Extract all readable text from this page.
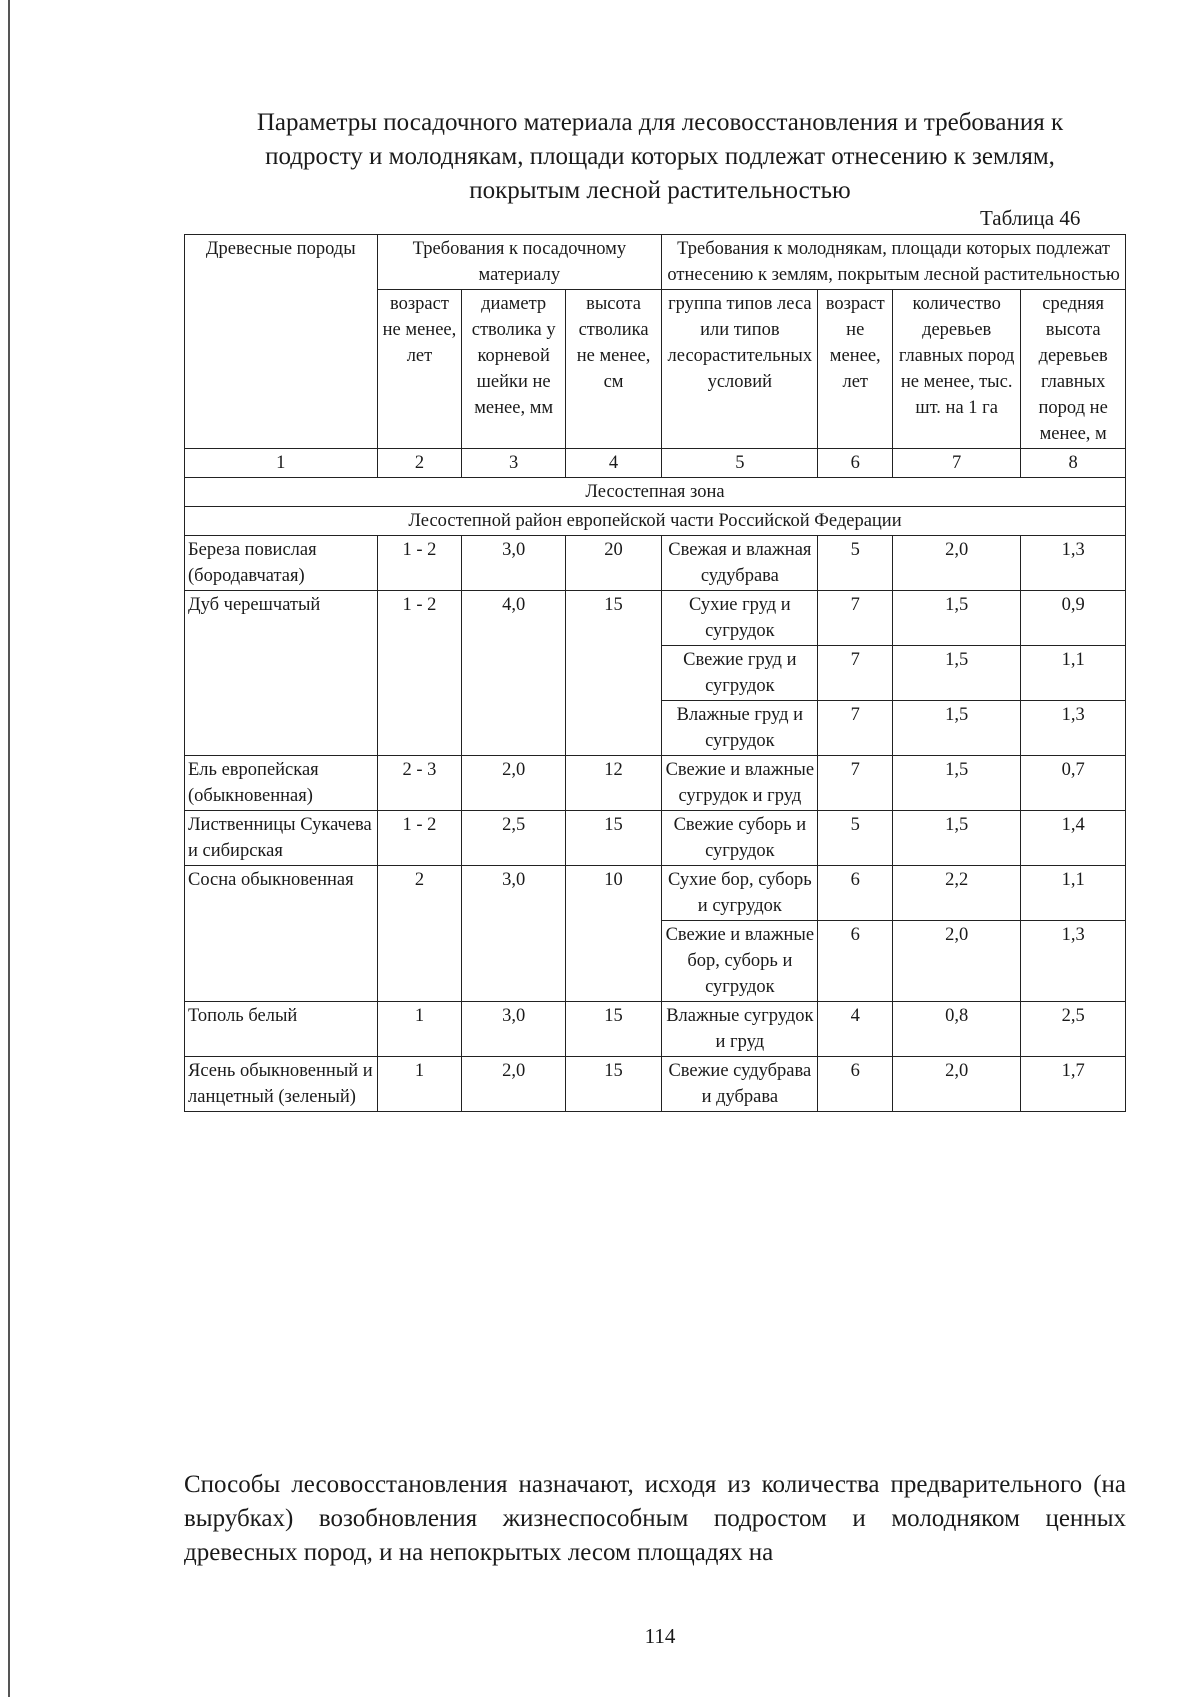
Параметры посадочного материала для лесовосстановления и требования к
подросту и молоднякам, площади которых подлежат отнесению к землям,
покрытым лесной растительностью
Таблица 46
Древесные породы	Требования к посадочному материалу			Требования к молоднякам, площади которых подлежат отнесению к землям, покрытым лесной растительностью			
	возраст не менее, лет	диаметр стволика у корневой шейки не менее, мм	высота стволика не менее, см	группа типов леса или типов лесорастительных условий	возраст не менее, лет	количество деревьев главных пород не менее, тыс. шт. на 1 га	средняя высота деревьев главных пород не менее, м
1	2	3	4	5	6	7	8
Лесостепная зона							
Лесостепной район европейской части Российской Федерации							
Береза повислая (бородавчатая)	1 - 2	3,0	20	Свежая и влажная судубрава	5	2,0	1,3
Дуб черешчатый	1 - 2	4,0	15	Сухие груд и сугрудок	7	1,5	0,9
				Свежие груд и сугрудок	7	1,5	1,1
				Влажные груд и сугрудок	7	1,5	1,3
Ель европейская (обыкновенная)	2 - 3	2,0	12	Свежие и влажные сугрудок и груд	7	1,5	0,7
Лиственницы Сукачева и сибирская	1 - 2	2,5	15	Свежие суборь и сугрудок	5	1,5	1,4
Сосна обыкновенная	2	3,0	10	Сухие бор, суборь и сугрудок	6	2,2	1,1
				Свежие и влажные бор, суборь и сугрудок	6	2,0	1,3
Тополь белый	1	3,0	15	Влажные сугрудок и груд	4	0,8	2,5
Ясень обыкновенный и ланцетный (зеленый)	1	2,0	15	Свежие судубрава и дубрава	6	2,0	1,7
Способы лесовосстановления назначают, исходя из количества предварительного (на вырубках) возобновления жизнеспособным подростом и молодняком ценных древесных пород, и на непокрытых лесом площадях на
114
